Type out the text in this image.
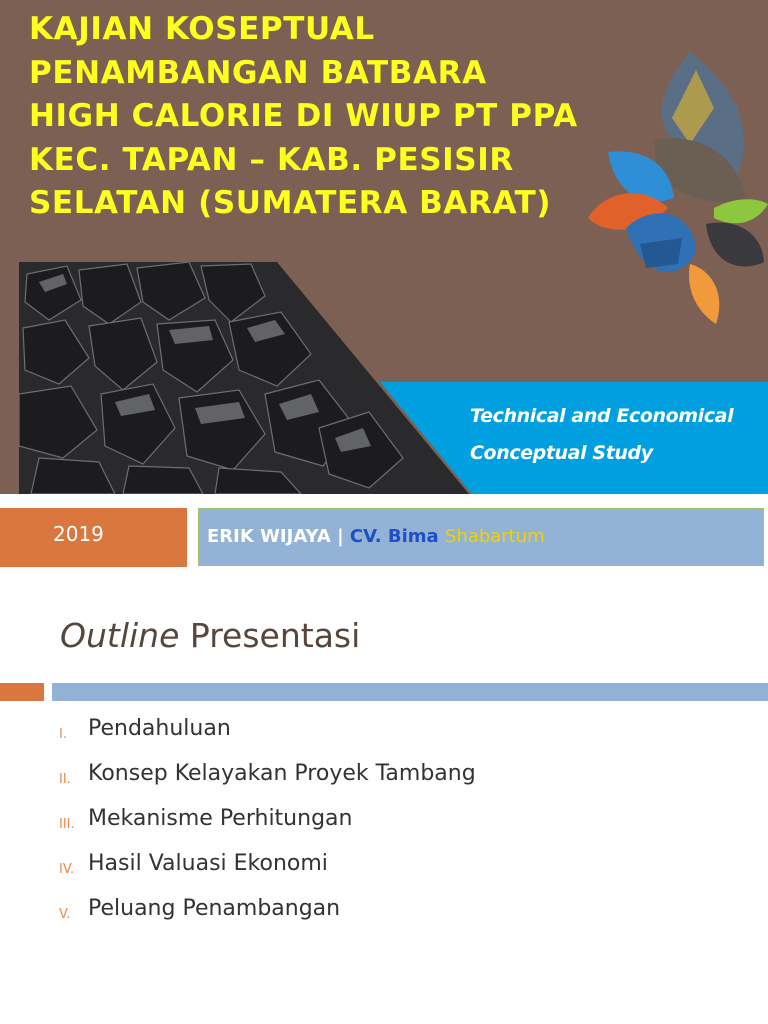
KAJIAN KOSEPTUAL
PENAMBANGAN BATBARA
HIGH CALORIE DI WIUP PT PPA
KEC. TAPAN – KAB. PESISIR
SELATAN (SUMATERA BARAT)
Technical and Economical
Conceptual Study
2019	ERIK WIJAYA | CV. Bima Shabartum
Outline Presentasi
I. Pendahuluan
II. Konsep Kelayakan Proyek Tambang
III. Mekanisme Perhitungan
IV. Hasil Valuasi Ekonomi
V. Peluang Penambangan
